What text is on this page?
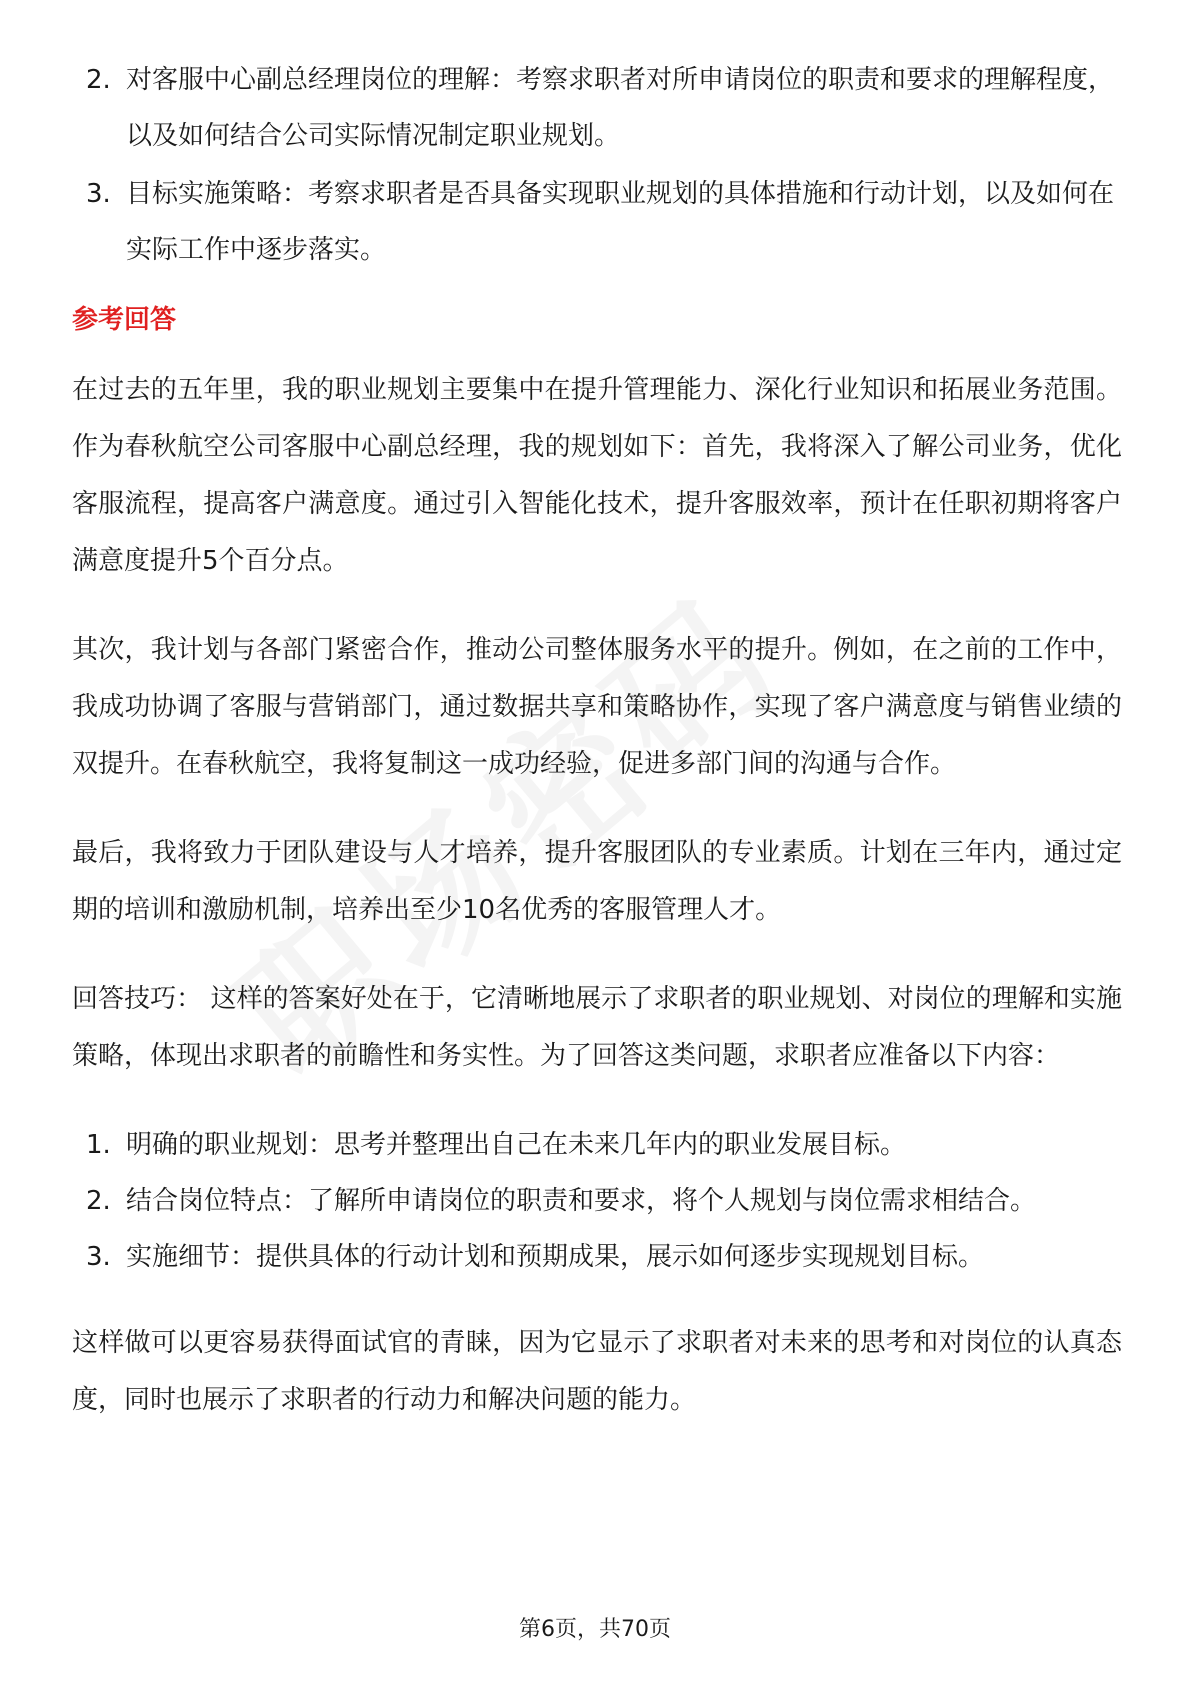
2. 对客服中心副总经理岗位的理解：考察求职者对所申请岗位的职责和要求的理解程度，以及如何结合公司实际情况制定职业规划。
3. 目标实施策略：考察求职者是否具备实现职业规划的具体措施和行动计划，以及如何在实际工作中逐步落实。
参考回答

在过去的五年里，我的职业规划主要集中在提升管理能力、深化行业知识和拓展业务范围。作为春秋航空公司客服中心副总经理，我的规划如下：首先，我将深入了解公司业务，优化客服流程，提高客户满意度。通过引入智能化技术，提升客服效率，预计在任职初期将客户满意度提升5个百分点。

其次，我计划与各部门紧密合作，推动公司整体服务水平的提升。例如，在之前的工作中，我成功协调了客服与营销部门，通过数据共享和策略协作，实现了客户满意度与销售业绩的双提升。在春秋航空，我将复制这一成功经验，促进多部门间的沟通与合作。

最后，我将致力于团队建设与人才培养，提升客服团队的专业素质。计划在三年内，通过定期的培训和激励机制，培养出至少10名优秀的客服管理人才。

回答技巧： 这样的答案好处在于，它清晰地展示了求职者的职业规划、对岗位的理解和实施策略，体现出求职者的前瞻性和务实性。为了回答这类问题，求职者应准备以下内容：

1. 明确的职业规划：思考并整理出自己在未来几年内的职业发展目标。
2. 结合岗位特点：了解所申请岗位的职责和要求，将个人规划与岗位需求相结合。
3. 实施细节：提供具体的行动计划和预期成果，展示如何逐步实现规划目标。

这样做可以更容易获得面试官的青睐，因为它显示了求职者对未来的思考和对岗位的认真态度，同时也展示了求职者的行动力和解决问题的能力。

第6页，共70页
